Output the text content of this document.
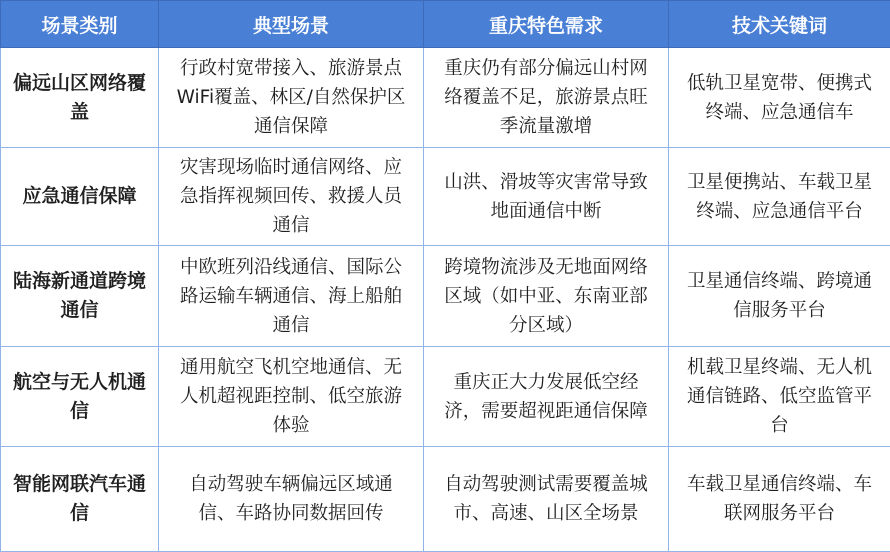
场景类别	典型场景	重庆特色需求	技术关键词
偏远山区网络覆盖	行政村宽带接入、旅游景点WiFi覆盖、林区/自然保护区通信保障	重庆仍有部分偏远山村网络覆盖不足，旅游景点旺季流量激增	低轨卫星宽带、便携式终端、应急通信车
应急通信保障	灾害现场临时通信网络、应急指挥视频回传、救援人员通信	山洪、滑坡等灾害常导致地面通信中断	卫星便携站、车载卫星终端、应急通信平台
陆海新通道跨境通信	中欧班列沿线通信、国际公路运输车辆通信、海上船舶通信	跨境物流涉及无地面网络区域（如中亚、东南亚部分区域）	卫星通信终端、跨境通信服务平台
航空与无人机通信	通用航空飞机空地通信、无人机超视距控制、低空旅游体验	重庆正大力发展低空经济，需要超视距通信保障	机载卫星终端、无人机通信链路、低空监管平台
智能网联汽车通信	自动驾驶车辆偏远区域通信、车路协同数据回传	自动驾驶测试需要覆盖城市、高速、山区全场景	车载卫星通信终端、车联网服务平台
